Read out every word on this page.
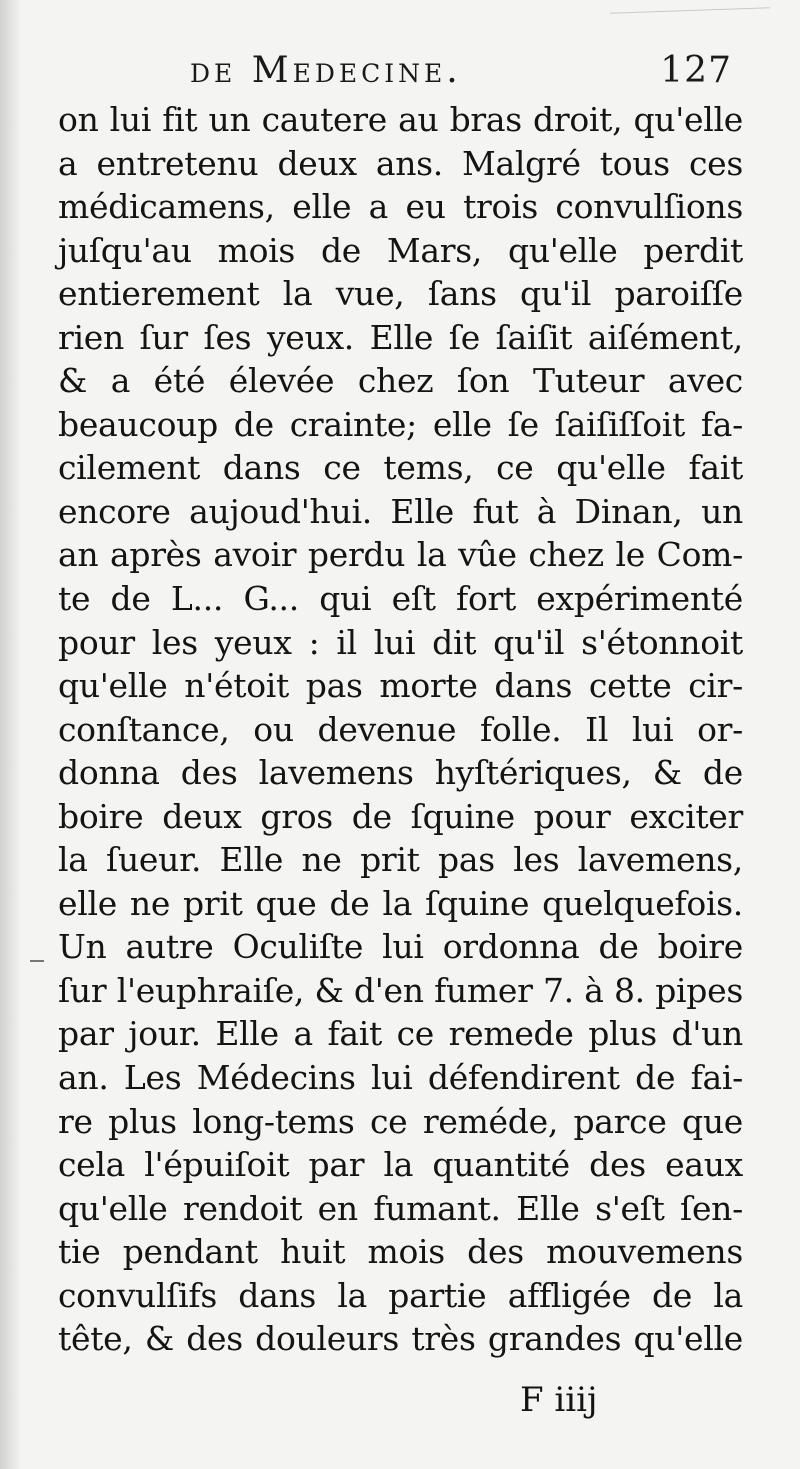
de Medecine.	127
on lui fit un cautere au bras droit, qu'elle
a entretenu deux ans. Malgré tous ces
médicamens, elle a eu trois convulſions
juſqu'au mois de Mars, qu'elle perdit
entierement la vue, ſans qu'il paroiſſe
rien ſur ſes yeux. Elle ſe ſaiſit aiſément,
& a été élevée chez ſon Tuteur avec
beaucoup de crainte; elle ſe ſaiſiſſoit fa-
cilement dans ce tems, ce qu'elle fait
encore aujoud'hui. Elle fut à Dinan, un
an après avoir perdu la vûe chez le Com-
te de L... G... qui eſt fort expérimenté
pour les yeux : il lui dit qu'il s'étonnoit
qu'elle n'étoit pas morte dans cette cir-
conſtance, ou devenue folle. Il lui or-
donna des lavemens hyſtériques, & de
boire deux gros de ſquine pour exciter
la ſueur. Elle ne prit pas les lavemens,
elle ne prit que de la ſquine quelquefois.
Un autre Oculiſte lui ordonna de boire
ſur l'euphraiſe, & d'en fumer 7. à 8. pipes
par jour. Elle a fait ce remede plus d'un
an. Les Médecins lui défendirent de fai-
re plus long-tems ce reméde, parce que
cela l'épuiſoit par la quantité des eaux
qu'elle rendoit en fumant. Elle s'eſt ſen-
tie pendant huit mois des mouvemens
convulſifs dans la partie affligée de la
tête, & des douleurs très grandes qu'elle
F iiij
